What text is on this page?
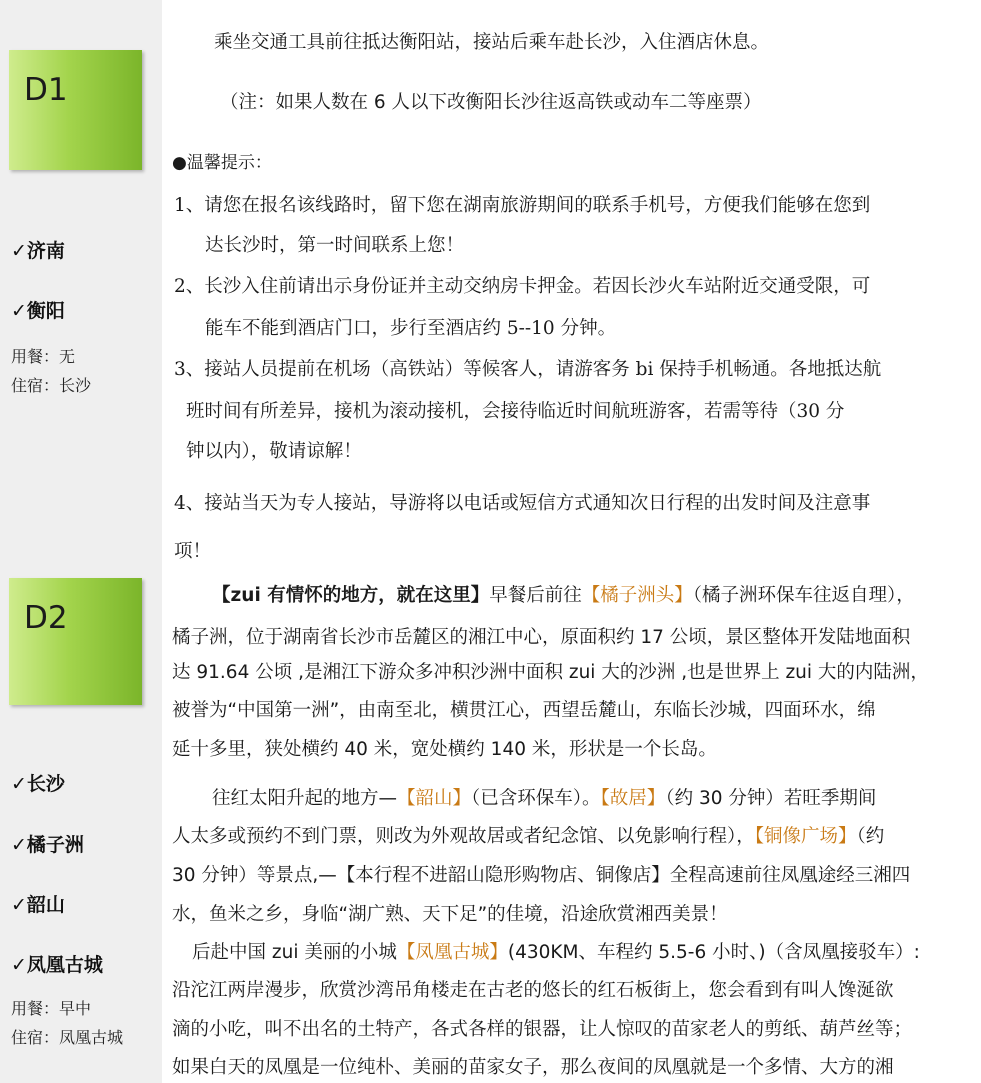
D1
✓济南
✓衡阳
用餐：无
住宿：长沙
D2
✓长沙
✓橘子洲
✓韶山
✓凤凰古城
用餐：早中
住宿：凤凰古城
乘坐交通工具前往抵达衡阳站，接站后乘车赴长沙，入住酒店休息。
（注：如果人数在 6 人以下改衡阳长沙往返高铁或动车二等座票）
●温馨提示：
1、请您在报名该线路时，留下您在湖南旅游期间的联系手机号，方便我们能够在您到
达长沙时，第一时间联系上您！
2、长沙入住前请出示身份证并主动交纳房卡押金。若因长沙火车站附近交通受限，可
能车不能到酒店门口，步行至酒店约 5--10 分钟。
3、接站人员提前在机场（高铁站）等候客人，请游客务 bi 保持手机畅通。各地抵达航
班时间有所差异，接机为滚动接机，会接待临近时间航班游客，若需等待（30 分
钟以内），敬请谅解！
4、接站当天为专人接站，导游将以电话或短信方式通知次日行程的出发时间及注意事
项！
【zui 有情怀的地方，就在这里】早餐后前往【橘子洲头】（橘子洲环保车往返自理），
橘子洲，位于湖南省长沙市岳麓区的湘江中心，原面积约 17 公顷，景区整体开发陆地面积
达 91.64 公顷 ,是湘江下游众多冲积沙洲中面积 zui 大的沙洲 ,也是世界上 zui 大的内陆洲，
被誉为“中国第一洲”，由南至北，横贯江心，西望岳麓山，东临长沙城，四面环水，绵
延十多里，狭处横约 40 米，宽处横约 140 米，形状是一个长岛。
往红太阳升起的地方—【韶山】（已含环保车）。【故居】（约 30 分钟）若旺季期间
人太多或预约不到门票，则改为外观故居或者纪念馆、以免影响行程），【铜像广场】（约
30 分钟）等景点,—【本行程不进韶山隐形购物店、铜像店】全程高速前往凤凰途经三湘四
水，鱼米之乡，身临“湖广熟、天下足”的佳境，沿途欣赏湘西美景！
后赴中国 zui 美丽的小城【凤凰古城】(430KM、车程约 5.5-6 小时、)（含凤凰接驳车）:
沿沱江两岸漫步，欣赏沙湾吊角楼走在古老的悠长的红石板街上，您会看到有叫人馋涎欲
滴的小吃，叫不出名的土特产，各式各样的银器，让人惊叹的苗家老人的剪纸、葫芦丝等；
如果白天的凤凰是一位纯朴、美丽的苗家女子，那么夜间的凤凰就是一个多情、大方的湘
